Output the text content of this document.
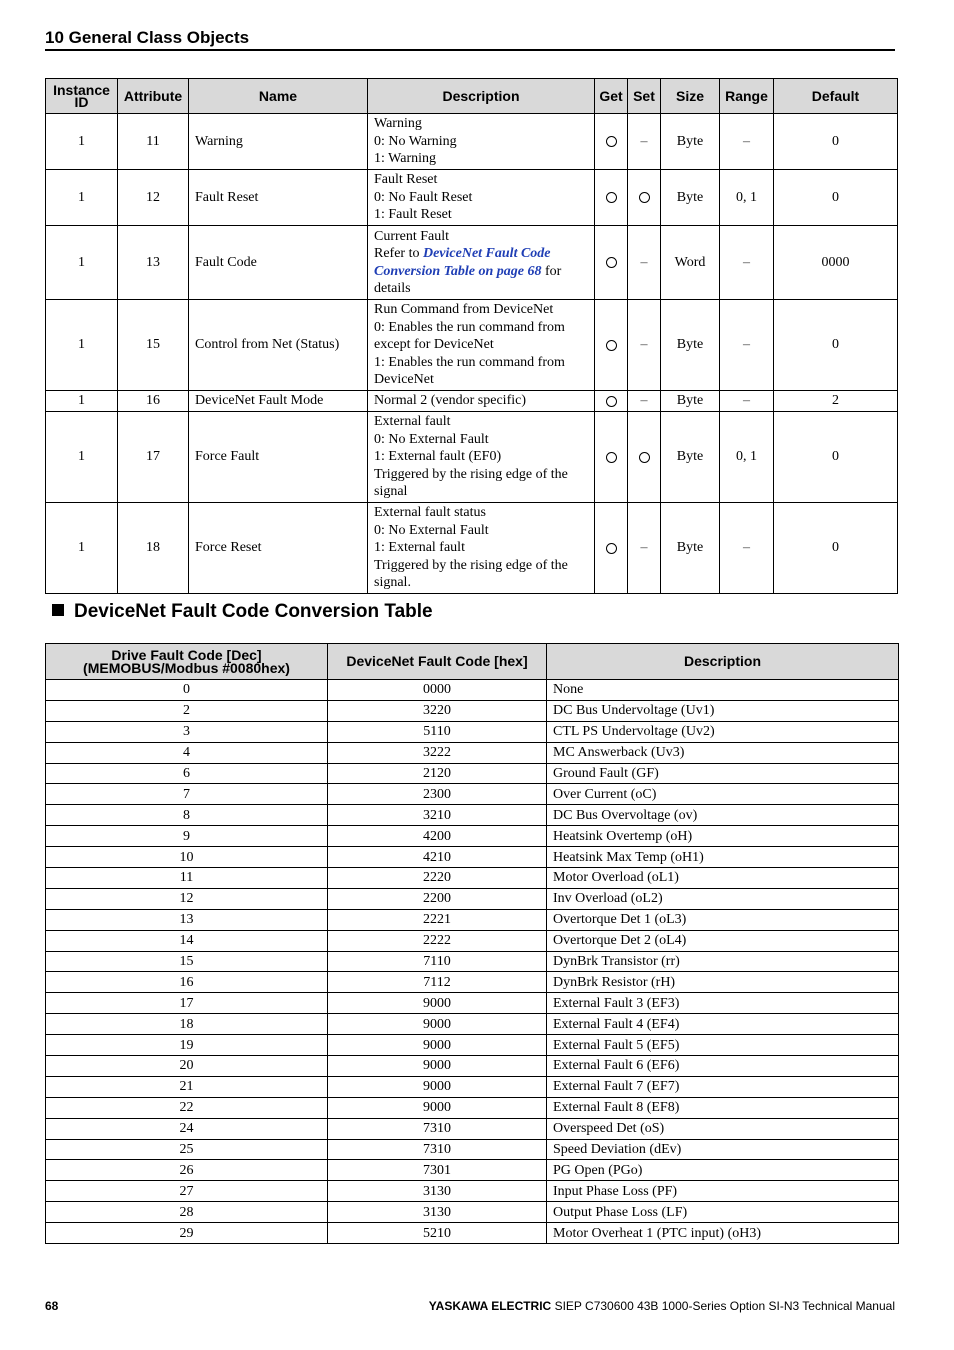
10 General Class Objects
Instance
ID	Attribute	Name	Description	Get	Set	Size	Range	Default
1	11	Warning	Warning
0: No Warning
1: Warning		–	Byte	–	0
1	12	Fault Reset	Fault Reset
0: No Fault Reset
1: Fault Reset			Byte	0, 1	0
1	13	Fault Code	Current Fault
Refer to DeviceNet Fault Code Conversion Table on page 68 for details		–	Word	–	0000
1	15	Control from Net (Status)	Run Command from DeviceNet
0: Enables the run command from except for DeviceNet
1: Enables the run command from DeviceNet		–	Byte	–	0
1	16	DeviceNet Fault Mode	Normal 2 (vendor specific)		–	Byte	–	2
1	17	Force Fault	External fault
0: No External Fault
1: External fault (EF0)
Triggered by the rising edge of the signal			Byte	0, 1	0
1	18	Force Reset	External fault status
0: No External Fault
1: External fault
Triggered by the rising edge of the signal.		–	Byte	–	0
DeviceNet Fault Code Conversion Table
Drive Fault Code [Dec]
(MEMOBUS/Modbus #0080hex)	DeviceNet Fault Code [hex]	Description
0	0000	None
2	3220	DC Bus Undervoltage (Uv1)
3	5110	CTL PS Undervoltage (Uv2)
4	3222	MC Answerback (Uv3)
6	2120	Ground Fault (GF)
7	2300	Over Current (oC)
8	3210	DC Bus Overvoltage (ov)
9	4200	Heatsink Overtemp (oH)
10	4210	Heatsink Max Temp (oH1)
11	2220	Motor Overload (oL1)
12	2200	Inv Overload (oL2)
13	2221	Overtorque Det 1 (oL3)
14	2222	Overtorque Det 2 (oL4)
15	7110	DynBrk Transistor (rr)
16	7112	DynBrk Resistor (rH)
17	9000	External Fault 3 (EF3)
18	9000	External Fault 4 (EF4)
19	9000	External Fault 5 (EF5)
20	9000	External Fault 6 (EF6)
21	9000	External Fault 7 (EF7)
22	9000	External Fault 8 (EF8)
24	7310	Overspeed Det (oS)
25	7310	Speed Deviation (dEv)
26	7301	PG Open (PGo)
27	3130	Input Phase Loss (PF)
28	3130	Output Phase Loss (LF)
29	5210	Motor Overheat 1 (PTC input) (oH3)
68	YASKAWA ELECTRIC SIEP C730600 43B 1000-Series Option SI-N3 Technical Manual
